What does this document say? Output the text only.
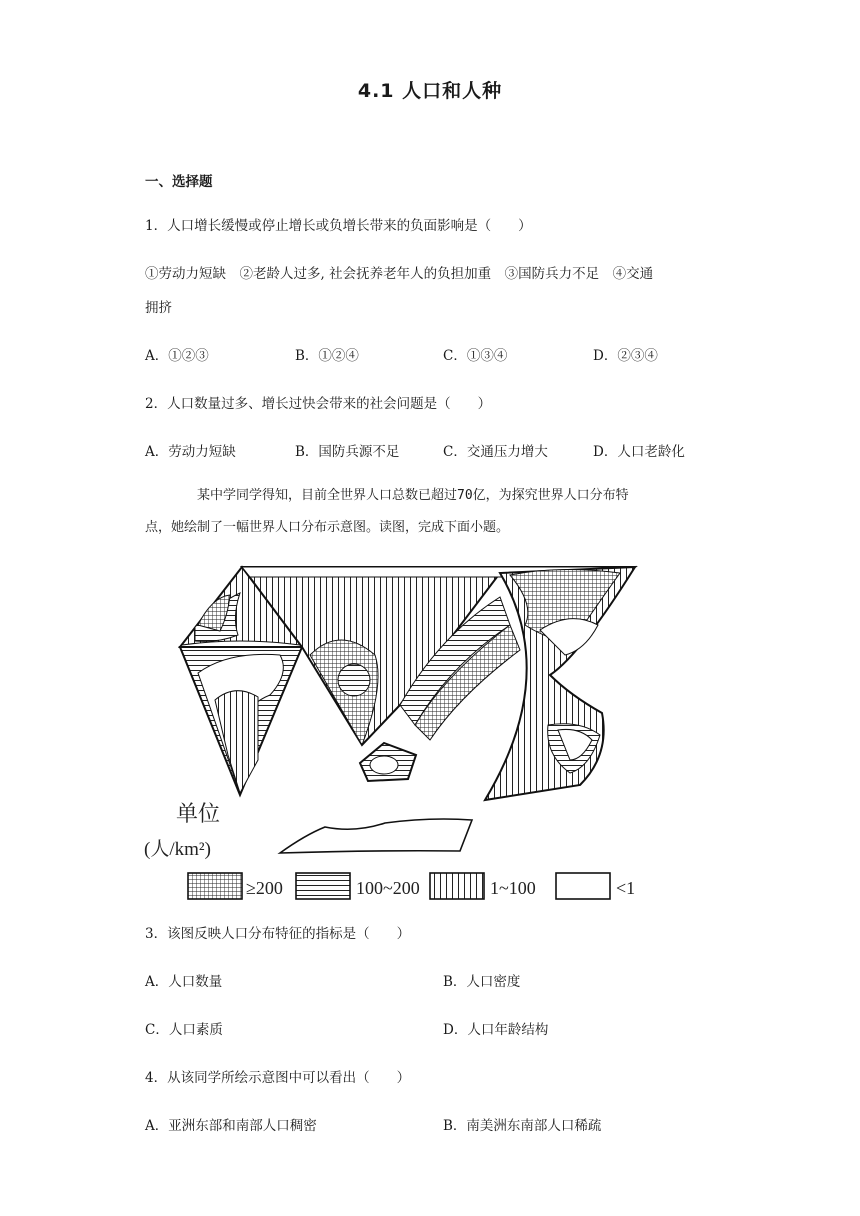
4.1 人口和人种
一、选择题
1．人口增长缓慢或停止增长或负增长带来的负面影响是（　　）
①劳动力短缺　②老龄人过多, 社会抚养老年人的负担加重　③国防兵力不足　④交通
拥挤
A．①②③	B．①②④	C．①③④	D．②③④
2．人口数量过多、增长过快会带来的社会问题是（　　）
A．劳动力短缺	B．国防兵源不足	C．交通压力增大	D．人口老龄化
　　　　某中学同学得知，目前全世界人口总数已超过70亿，为探究世界人口分布特
点，她绘制了一幅世界人口分布示意图。读图，完成下面小题。
单位
(人/km²)
≥200	100~200	1~100	<1
3．该图反映人口分布特征的指标是（　　）
A．人口数量	B．人口密度
C．人口素质	D．人口年龄结构
4．从该同学所绘示意图中可以看出（　　）
A．亚洲东部和南部人口稠密	B．南美洲东南部人口稀疏
